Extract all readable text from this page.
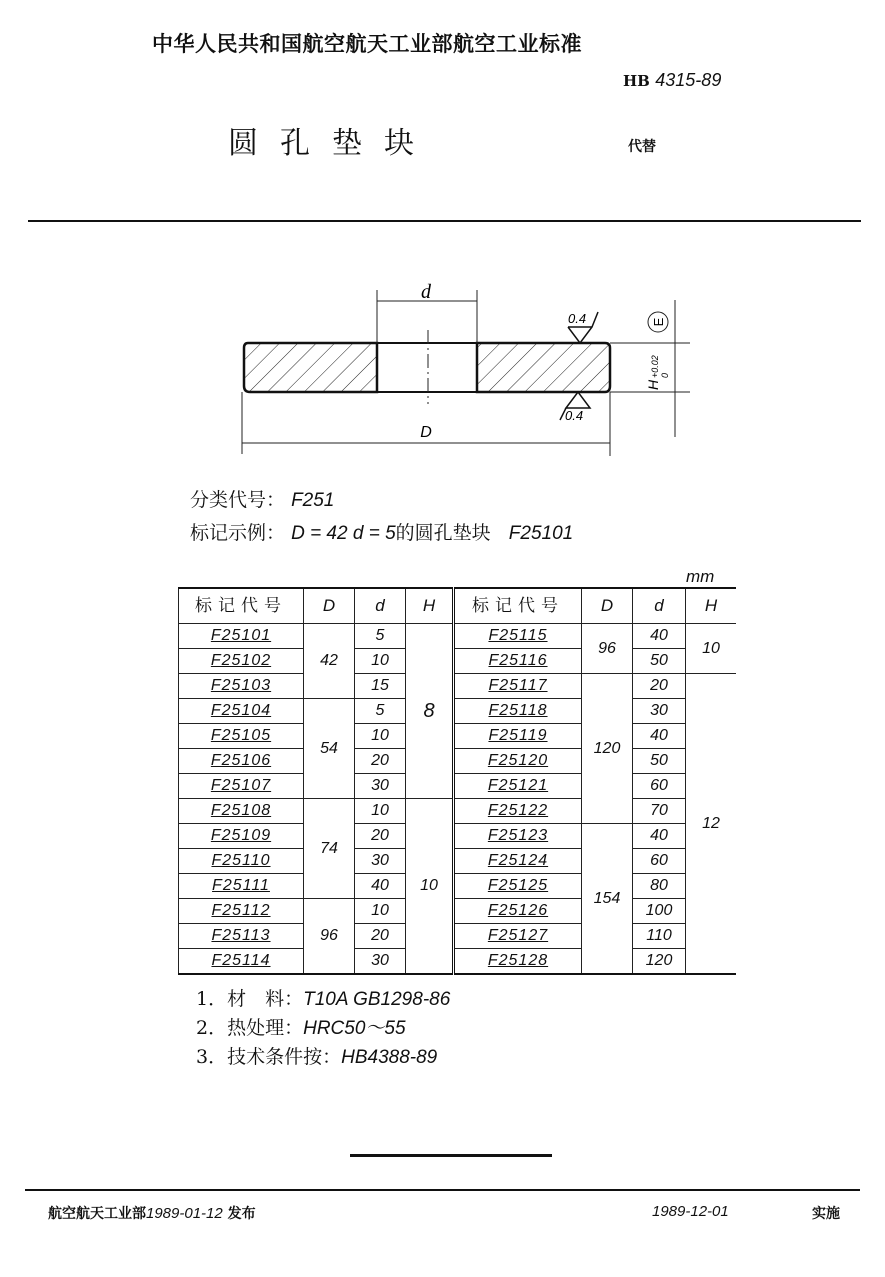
中华人民共和国航空航天工业部航空工业标准
HB 4315-89
圆孔垫块	代替
d
D
H
+0.02 0
E
0.4
0.4
分类代号： F251
标记示例： D = 42 d = 5的圆孔垫块 F25101
mm
标记代号	D	d	H	标记代号	D	d	H
F25101	42	5	8	F25115	96	40	10
F25102		10		F25116		50	
F25103		15		F25117	120	20	12
F25104	54	5		F25118		30	
F25105		10		F25119		40	
F25106		20		F25120		50	
F25107		30		F25121		60	
F25108	74	10	10	F25122		70	
F25109		20		F25123	154	40	
F25110		30		F25124		60	
F25111		40		F25125		80	
F25112	96	10		F25126		100	
F25113		20		F25127		110	
F25114		30		F25128		120	
1．材　料：T10A GB1298-86
2．热处理：HRC50～55
3．技术条件按：HB4388-89
航空航天工业部1989-01-12 发布	1989-12-01	实施
